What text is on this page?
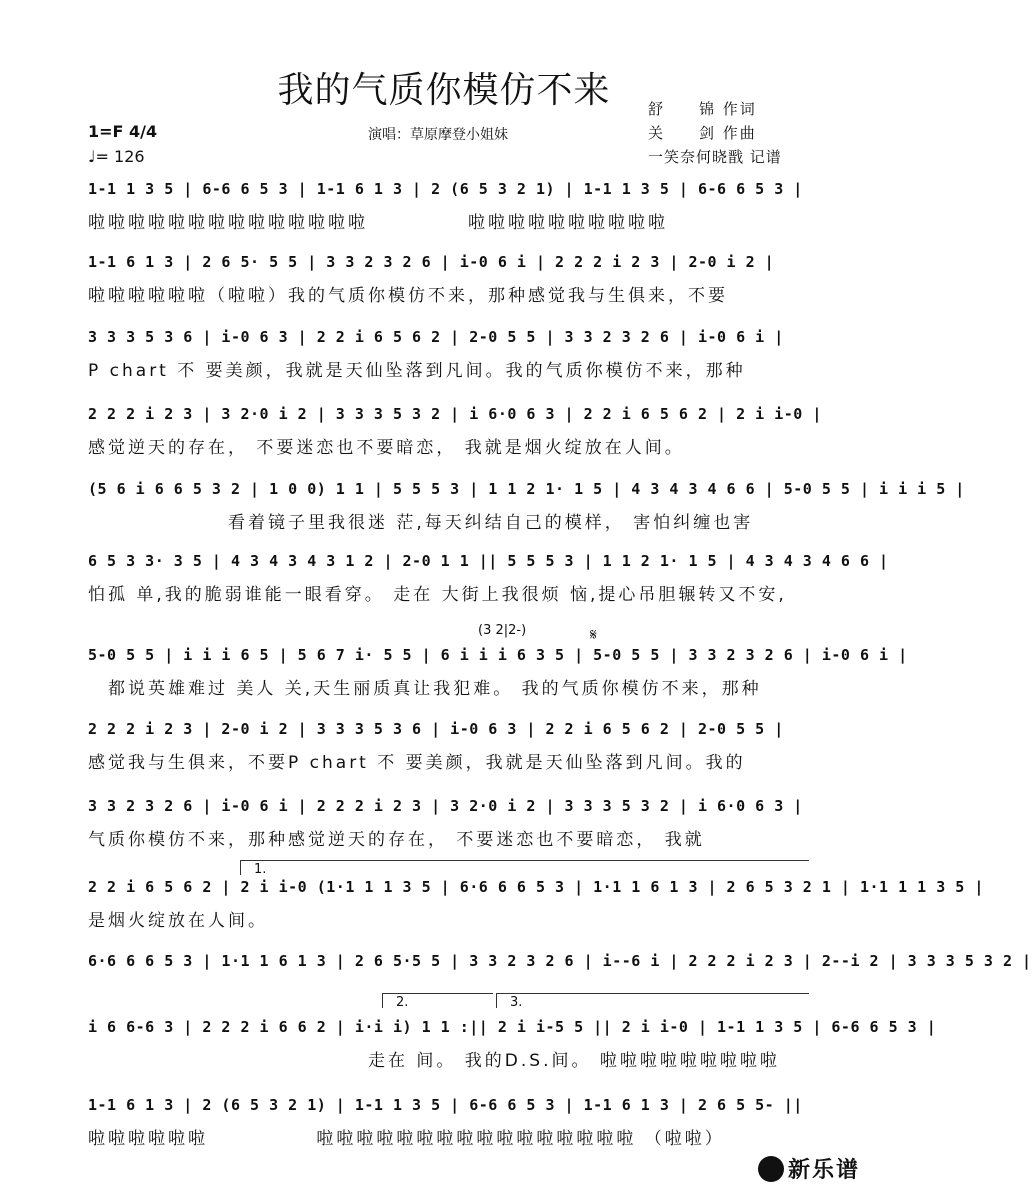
我的气质你模仿不来	舒　　锦 作词
关　　剑 作曲
一笑奈何晓戬 记谱
演唱：草原摩登小姐妹
1=F 4/4
♩= 126
(3 2|2-)	𝄋
1.
2.	3.
1-1 1 3 5 | 6-6 6 5 3 | 1-1 6 1 3 | 2 (6 5 3 2 1) | 1-1 1 3 5 | 6-6 6 5 3 |
啦啦啦啦啦啦啦啦啦啦啦啦啦啦　　　　　啦啦啦啦啦啦啦啦啦啦
1-1 6 1 3 | 2 6 5· 5 5 | 3 3 2 3 2 6 | i-0 6 i | 2 2 2 i 2 3 | 2-0 i 2 |
啦啦啦啦啦啦（啦啦）我的气质你模仿不来，那种感觉我与生俱来，不要
3 3 3 5 3 6 | i-0 6 3 | 2 2 i 6 5 6 2 | 2-0 5 5 | 3 3 2 3 2 6 | i-0 6 i |
P chart 不 要美颜，我就是天仙坠落到凡间。我的气质你模仿不来，那种
2 2 2 i 2 3 | 3 2·0 i 2 | 3 3 3 5 3 2 | i 6·0 6 3 | 2 2 i 6 5 6 2 | 2 i i-0 |
感觉逆天的存在， 不要迷恋也不要暗恋， 我就是烟火绽放在人间。
(5 6 i 6 6 5 3 2 | 1 0 0) 1 1 | 5 5 5 3 | 1 1 2 1· 1 5 | 4 3 4 3 4 6 6 | 5-0 5 5 | i i i 5 |
　　　　　　　看着镜子里我很迷 茫,每天纠结自己的模样， 害怕纠缠也害
6 5 3 3· 3 5 | 4 3 4 3 4 3 1 2 | 2-0 1 1 || 5 5 5 3 | 1 1 2 1· 1 5 | 4 3 4 3 4 6 6 |
怕孤 单,我的脆弱谁能一眼看穿。 走在 大街上我很烦 恼,提心吊胆辗转又不安,
5-0 5 5 | i i i 6 5 | 5 6 7 i· 5 5 | 6 i i i 6 3 5 | 5-0 5 5 | 3 3 2 3 2 6 | i-0 6 i |
　都说英雄难过 美人 关,天生丽质真让我犯难。 我的气质你模仿不来，那种
2 2 2 i 2 3 | 2-0 i 2 | 3 3 3 5 3 6 | i-0 6 3 | 2 2 i 6 5 6 2 | 2-0 5 5 |
感觉我与生俱来，不要P chart 不 要美颜，我就是天仙坠落到凡间。我的
3 3 2 3 2 6 | i-0 6 i | 2 2 2 i 2 3 | 3 2·0 i 2 | 3 3 3 5 3 2 | i 6·0 6 3 |
气质你模仿不来，那种感觉逆天的存在， 不要迷恋也不要暗恋， 我就
2 2 i 6 5 6 2 | 2 i i-0 (1·1 1 1 3 5 | 6·6 6 6 5 3 | 1·1 1 6 1 3 | 2 6 5 3 2 1 | 1·1 1 1 3 5 |
是烟火绽放在人间。
6·6 6 6 5 3 | 1·1 1 6 1 3 | 2 6 5·5 5 | 3 3 2 3 2 6 | i--6 i | 2 2 2 i 2 3 | 2--i 2 | 3 3 3 5 3 2 |
i 6 6-6 3 | 2 2 2 i 6 6 2 | i·i i) 1 1 :|| 2 i i-5 5 || 2 i i-0 | 1-1 1 3 5 | 6-6 6 5 3 |
　　　　　　　　　　　　　　走在 间。 我的D.S.间。 啦啦啦啦啦啦啦啦啦
1-1 6 1 3 | 2 (6 5 3 2 1) | 1-1 1 3 5 | 6-6 6 5 3 | 1-1 6 1 3 | 2 6 5 5- ||
啦啦啦啦啦啦　　　　　 啦啦啦啦啦啦啦啦啦啦啦啦啦啦啦啦 （啦啦）
新乐谱
